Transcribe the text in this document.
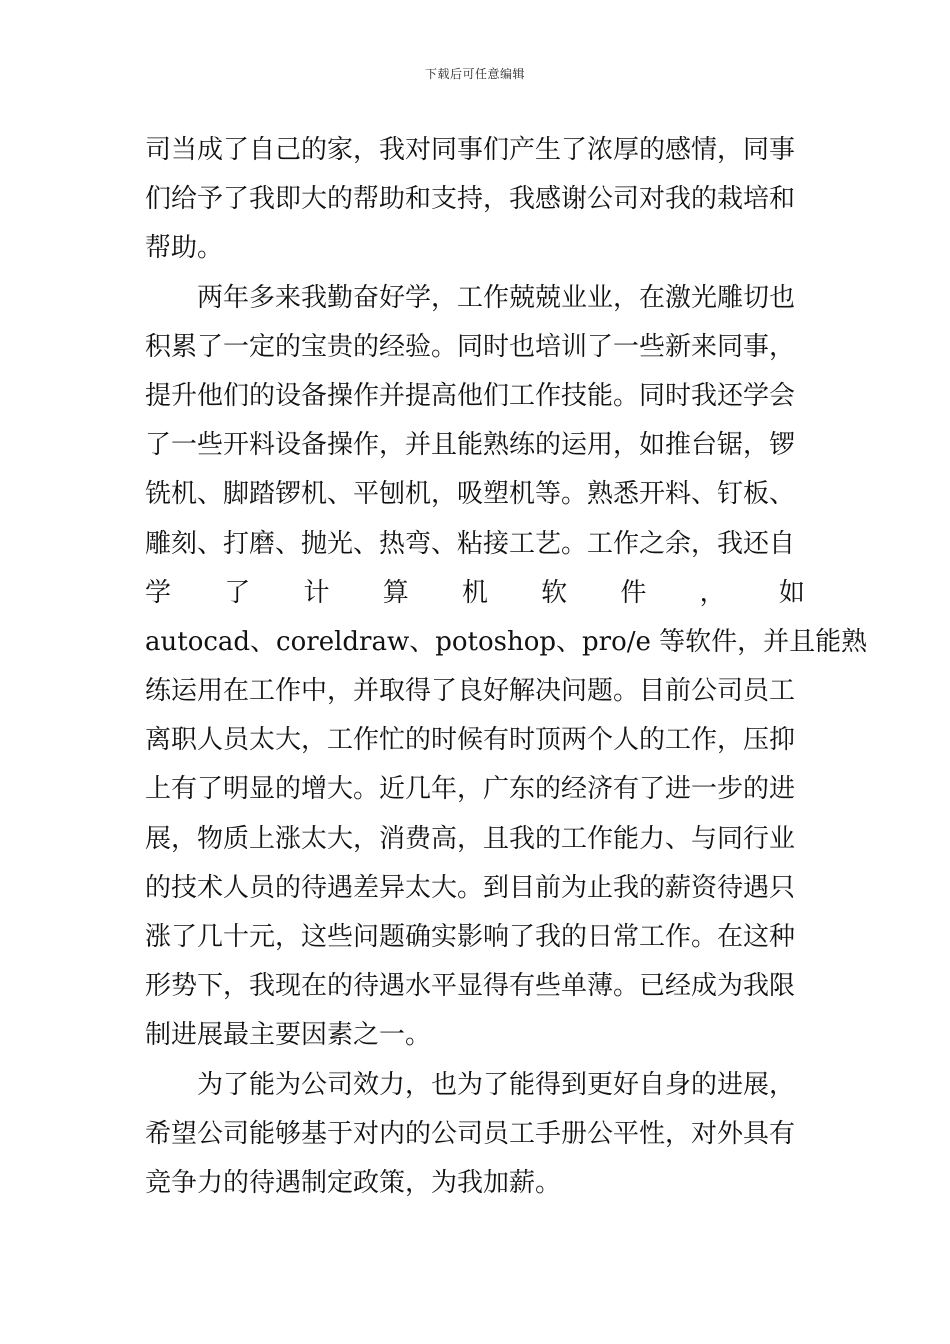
下载后可任意编辑
司当成了自己的家，我对同事们产生了浓厚的感情，同事
们给予了我即大的帮助和支持，我感谢公司对我的栽培和
帮助。
两年多来我勤奋好学，工作兢兢业业，在激光雕切也
积累了一定的宝贵的经验。同时也培训了一些新来同事，
提升他们的设备操作并提高他们工作技能。同时我还学会
了一些开料设备操作，并且能熟练的运用，如推台锯，锣
铣机、脚踏锣机、平刨机，吸塑机等。熟悉开料、钉板、
雕刻、打磨、抛光、热弯、粘接工艺。工作之余，我还自
学 了 计 算 机 软 件 ， 如
autocad、coreldraw、potoshop、pro/e 等软件，并且能熟
练运用在工作中，并取得了良好解决问题。目前公司员工
离职人员太大，工作忙的时候有时顶两个人的工作，压抑
上有了明显的增大。近几年，广东的经济有了进一步的进
展，物质上涨太大，消费高，且我的工作能力、与同行业
的技术人员的待遇差异太大。到目前为止我的薪资待遇只
涨了几十元，这些问题确实影响了我的日常工作。在这种
形势下，我现在的待遇水平显得有些单薄。已经成为我限
制进展最主要因素之一。
为了能为公司效力，也为了能得到更好自身的进展，
希望公司能够基于对内的公司员工手册公平性，对外具有
竞争力的待遇制定政策，为我加薪。
